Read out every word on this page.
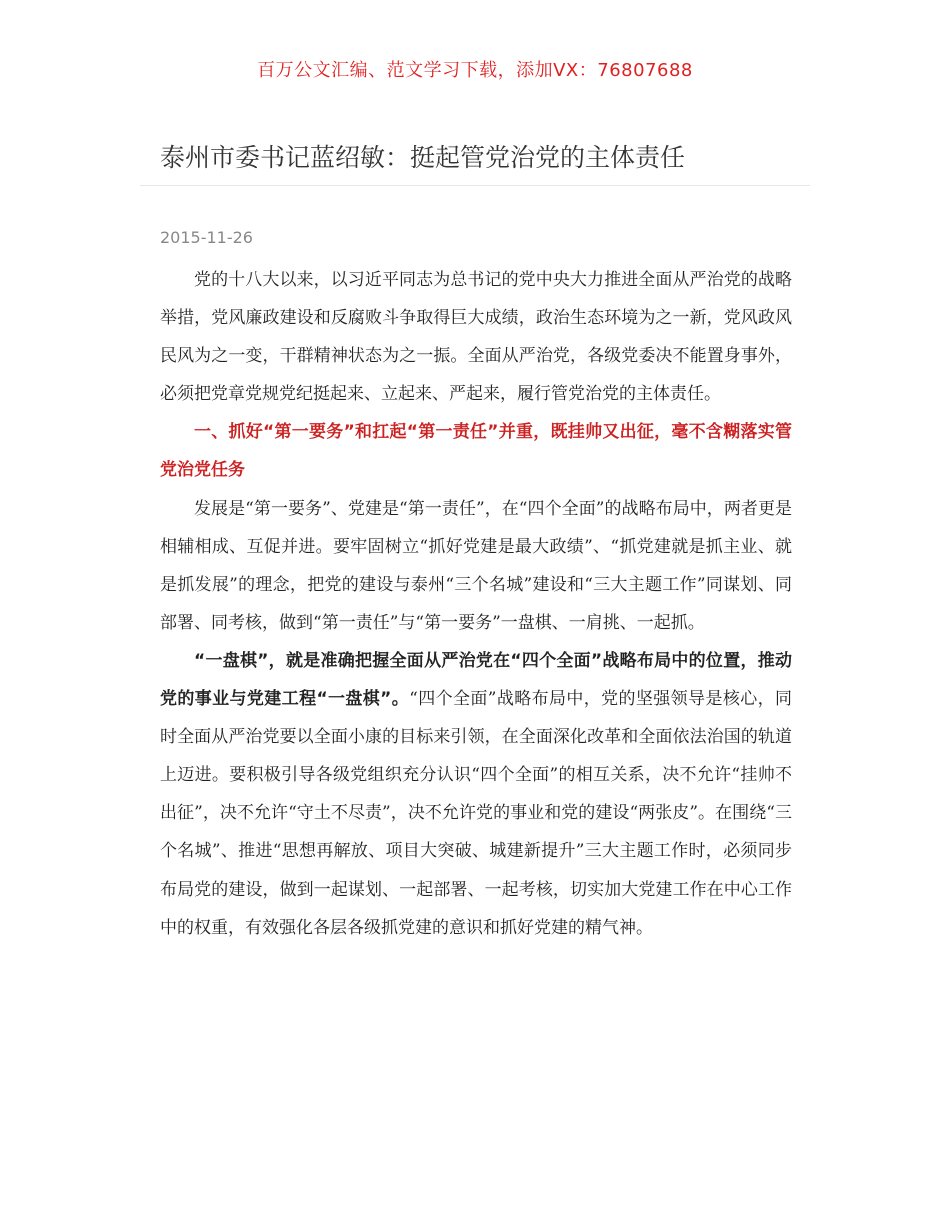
百万公文汇编、范文学习下载，添加VX：76807688
泰州市委书记蓝绍敏：挺起管党治党的主体责任
2015-11-26

党的十八大以来，以习近平同志为总书记的党中央大力推进全面从严治党的战略举措，党风廉政建设和反腐败斗争取得巨大成绩，政治生态环境为之一新，党风政风民风为之一变，干群精神状态为之一振。全面从严治党，各级党委决不能置身事外，必须把党章党规党纪挺起来、立起来、严起来，履行管党治党的主体责任。

一、抓好“第一要务”和扛起“第一责任”并重，既挂帅又出征，毫不含糊落实管党治党任务

发展是“第一要务”、党建是“第一责任”，在“四个全面”的战略布局中，两者更是相辅相成、互促并进。要牢固树立“抓好党建是最大政绩”、“抓党建就是抓主业、就是抓发展”的理念，把党的建设与泰州“三个名城”建设和“三大主题工作”同谋划、同部署、同考核，做到“第一责任”与“第一要务”一盘棋、一肩挑、一起抓。

“一盘棋”，就是准确把握全面从严治党在“四个全面”战略布局中的位置，推动党的事业与党建工程“一盘棋”。“四个全面”战略布局中，党的坚强领导是核心，同时全面从严治党要以全面小康的目标来引领，在全面深化改革和全面依法治国的轨道上迈进。要积极引导各级党组织充分认识“四个全面”的相互关系，决不允许“挂帅不出征”，决不允许“守土不尽责”，决不允许党的事业和党的建设“两张皮”。在围绕“三个名城”、推进“思想再解放、项目大突破、城建新提升”三大主题工作时，必须同步布局党的建设，做到一起谋划、一起部署、一起考核，切实加大党建工作在中心工作中的权重，有效强化各层各级抓党建的意识和抓好党建的精气神。
